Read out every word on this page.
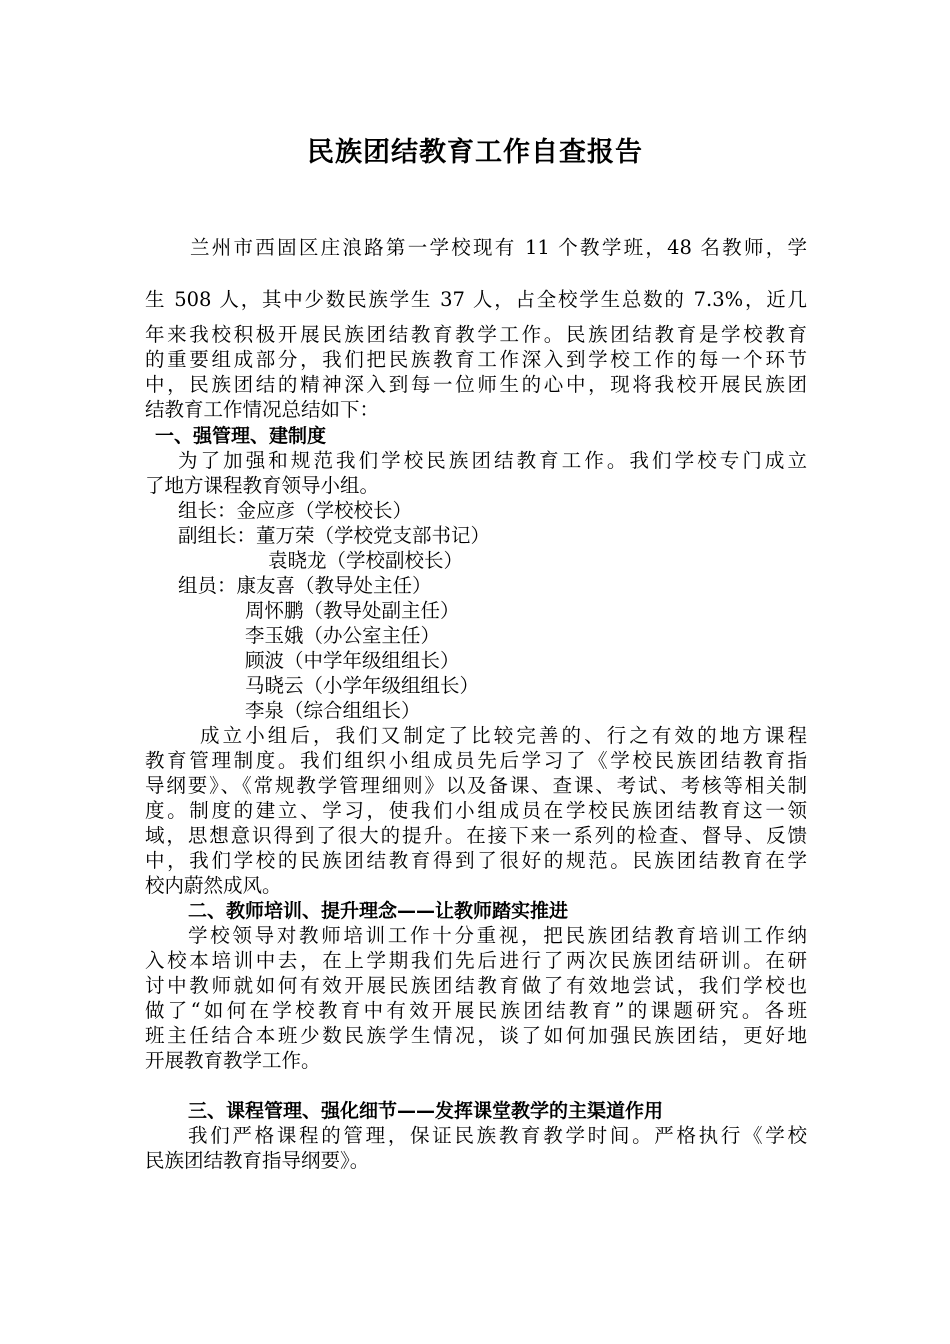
民族团结教育工作自查报告
兰州市西固区庄浪路第一学校现有 11 个教学班，48 名教师，学
生 508 人，其中少数民族学生 37 人，占全校学生总数的 7.3%，近几
年来我校积极开展民族团结教育教学工作。民族团结教育是学校教育
的重要组成部分，我们把民族教育工作深入到学校工作的每一个环节
中，民族团结的精神深入到每一位师生的心中，现将我校开展民族团
结教育工作情况总结如下：
一、强管理、建制度
为了加强和规范我们学校民族团结教育工作。我们学校专门成立
了地方课程教育领导小组。
组长：金应彦（学校校长）
副组长：董万荣（学校党支部书记）
袁晓龙（学校副校长）
组员：康友喜（教导处主任）
周怀鹏（教导处副主任）
李玉娥（办公室主任）
顾波（中学年级组组长）
马晓云（小学年级组组长）
李泉（综合组组长）
成立小组后，我们又制定了比较完善的、行之有效的地方课程
教育管理制度。我们组织小组成员先后学习了《学校民族团结教育指
导纲要》、《常规教学管理细则》以及备课、查课、考试、考核等相关制
度。制度的建立、学习，使我们小组成员在学校民族团结教育这一领
域，思想意识得到了很大的提升。在接下来一系列的检查、督导、反馈
中，我们学校的民族团结教育得到了很好的规范。民族团结教育在学
校内蔚然成风。
二、教师培训、提升理念——让教师踏实推进
学校领导对教师培训工作十分重视，把民族团结教育培训工作纳
入校本培训中去，在上学期我们先后进行了两次民族团结研训。在研
讨中教师就如何有效开展民族团结教育做了有效地尝试，我们学校也
做了“如何在学校教育中有效开展民族团结教育”的课题研究。各班
班主任结合本班少数民族学生情况，谈了如何加强民族团结，更好地
开展教育教学工作。
三、课程管理、强化细节——发挥课堂教学的主渠道作用
我们严格课程的管理，保证民族教育教学时间。严格执行《学校
民族团结教育指导纲要》。
